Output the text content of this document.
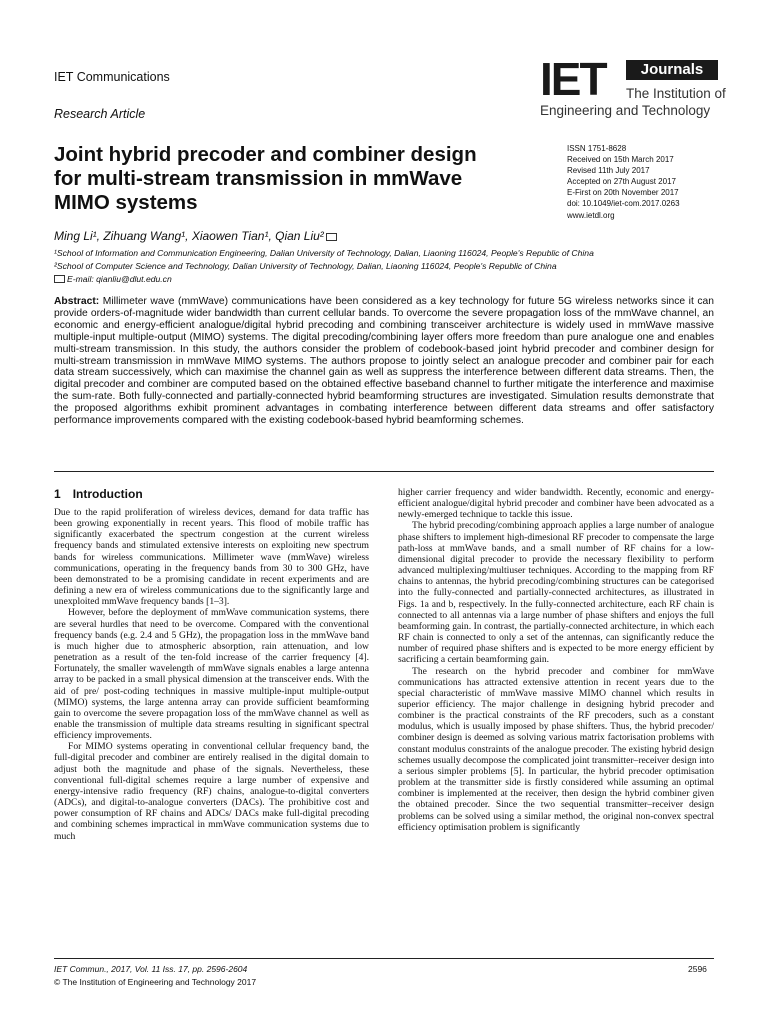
IET Communications
Research Article
IET	Journals
The Institution of
Engineering and Technology
Joint hybrid precoder and combiner design
for multi-stream transmission in mmWave
MIMO systems
ISSN 1751-8628
Received on 15th March 2017
Revised 11th July 2017
Accepted on 27th August 2017
E-First on 20th November 2017
doi: 10.1049/iet-com.2017.0263
www.ietdl.org
Ming Li¹, Zihuang Wang¹, Xiaowen Tian¹, Qian Liu²
¹School of Information and Communication Engineering, Dalian University of Technology, Dalian, Liaoning 116024, People's Republic of China
²School of Computer Science and Technology, Dalian University of Technology, Dalian, Liaoning 116024, People's Republic of China
E-mail: qianliu@dlut.edu.cn

Abstract: Millimeter wave (mmWave) communications have been considered as a key technology for future 5G wireless networks since it can provide orders-of-magnitude wider bandwidth than current cellular bands. To overcome the severe propagation loss of the mmWave channel, an economic and energy-efficient analogue/digital hybrid precoding and combining transceiver architecture is widely used in mmWave massive multiple-input multiple-output (MIMO) systems. The digital precoding/combining layer offers more freedom than pure analogue one and enables multi-stream transmission. In this study, the authors consider the problem of codebook-based joint hybrid precoder and combiner design for multi-stream transmission in mmWave MIMO systems. The authors propose to jointly select an analogue precoder and combiner pair for each data stream successively, which can maximise the channel gain as well as suppress the interference between different data streams. Then, the digital precoder and combiner are computed based on the obtained effective baseband channel to further mitigate the interference and maximise the sum-rate. Both fully-connected and partially-connected hybrid beamforming structures are investigated. Simulation results demonstrate that the proposed algorithms exhibit prominent advantages in combating interference between different data streams and offer satisfactory performance improvements compared with the existing codebook-based hybrid beamforming schemes.

1 Introduction

Due to the rapid proliferation of wireless devices, demand for data traffic has been growing exponentially in recent years. This flood of mobile traffic has significantly exacerbated the spectrum congestion at the current wireless frequency bands and stimulated extensive interests on exploiting new spectrum bands for wireless communications. Millimeter wave (mmWave) wireless communications, operating in the frequency bands from 30 to 300 GHz, have been demonstrated to be a promising candidate in recent experiments and are defining a new era of wireless communications due to the significantly large and unexploited mmWave frequency bands [1–3].

However, before the deployment of mmWave communication systems, there are several hurdles that need to be overcome. Compared with the conventional frequency bands (e.g. 2.4 and 5 GHz), the propagation loss in the mmWave band is much higher due to atmospheric absorption, rain attenuation, and low penetration as a result of the ten-fold increase of the carrier frequency [4]. Fortunately, the smaller wavelength of mmWave signals enables a large antenna array to be packed in a small physical dimension at the transceiver ends. With the aid of pre/ post-coding techniques in massive multiple-input multiple-output (MIMO) systems, the large antenna array can provide sufficient beamforming gain to overcome the severe propagation loss of the mmWave channel as well as enable the transmission of multiple data streams resulting in significant spectral efficiency improvements.

For MIMO systems operating in conventional cellular frequency band, the full-digital precoder and combiner are entirely realised in the digital domain to adjust both the magnitude and phase of the signals. Nevertheless, these conventional full-digital schemes require a large number of expensive and energy-intensive radio frequency (RF) chains, analogue-to-digital converters (ADCs), and digital-to-analogue converters (DACs). The prohibitive cost and power consumption of RF chains and ADCs/ DACs make full-digital precoding and combining schemes impractical in mmWave communication systems due to much

higher carrier frequency and wider bandwidth. Recently, economic and energy-efficient analogue/digital hybrid precoder and combiner have been advocated as a newly-emerged technique to tackle this issue.

The hybrid precoding/combining approach applies a large number of analogue phase shifters to implement high-dimesional RF precoder to compensate the large path-loss at mmWave bands, and a small number of RF chains for a low-dimensional digital precoder to provide the necessary flexibility to perform advanced multiplexing/multiuser techniques. According to the mapping from RF chains to antennas, the hybrid precoding/combining structures can be categorised into the fully-connected and partially-connected architectures, as illustrated in Figs. 1a and b, respectively. In the fully-connected architecture, each RF chain is connected to all antennas via a large number of phase shifters and enjoys the full beamforming gain. In contrast, the partially-connected architecture, in which each RF chain is connected to only a set of the antennas, can significantly reduce the number of required phase shifters and is expected to be more energy efficient by sacrificing a certain beamforming gain.

The research on the hybrid precoder and combiner for mmWave communications has attracted extensive attention in recent years due to the special characteristic of mmWave massive MIMO channel which results in superior efficiency. The major challenge in designing hybrid precoder and combiner is the practical constraints of the RF precoders, such as a constant modulus, which is usually imposed by phase shifters. Thus, the hybrid precoder/ combiner design is deemed as solving various matrix factorisation problems with constant modulus constraints of the analogue precoder. The existing hybrid design schemes usually decompose the complicated joint transmitter–receiver design into a serious simpler problems [5]. In particular, the hybrid precoder optimisation problem at the transmitter side is firstly considered while assuming an optimal combiner is implemented at the receiver, then design the hybrid combiner given the obtained precoder. Since the two sequential transmitter–receiver design problems can be solved using a similar method, the original non-convex spectral efficiency optimisation problem is significantly

IET Commun., 2017, Vol. 11 Iss. 17, pp. 2596-2604
© The Institution of Engineering and Technology 2017
2596
